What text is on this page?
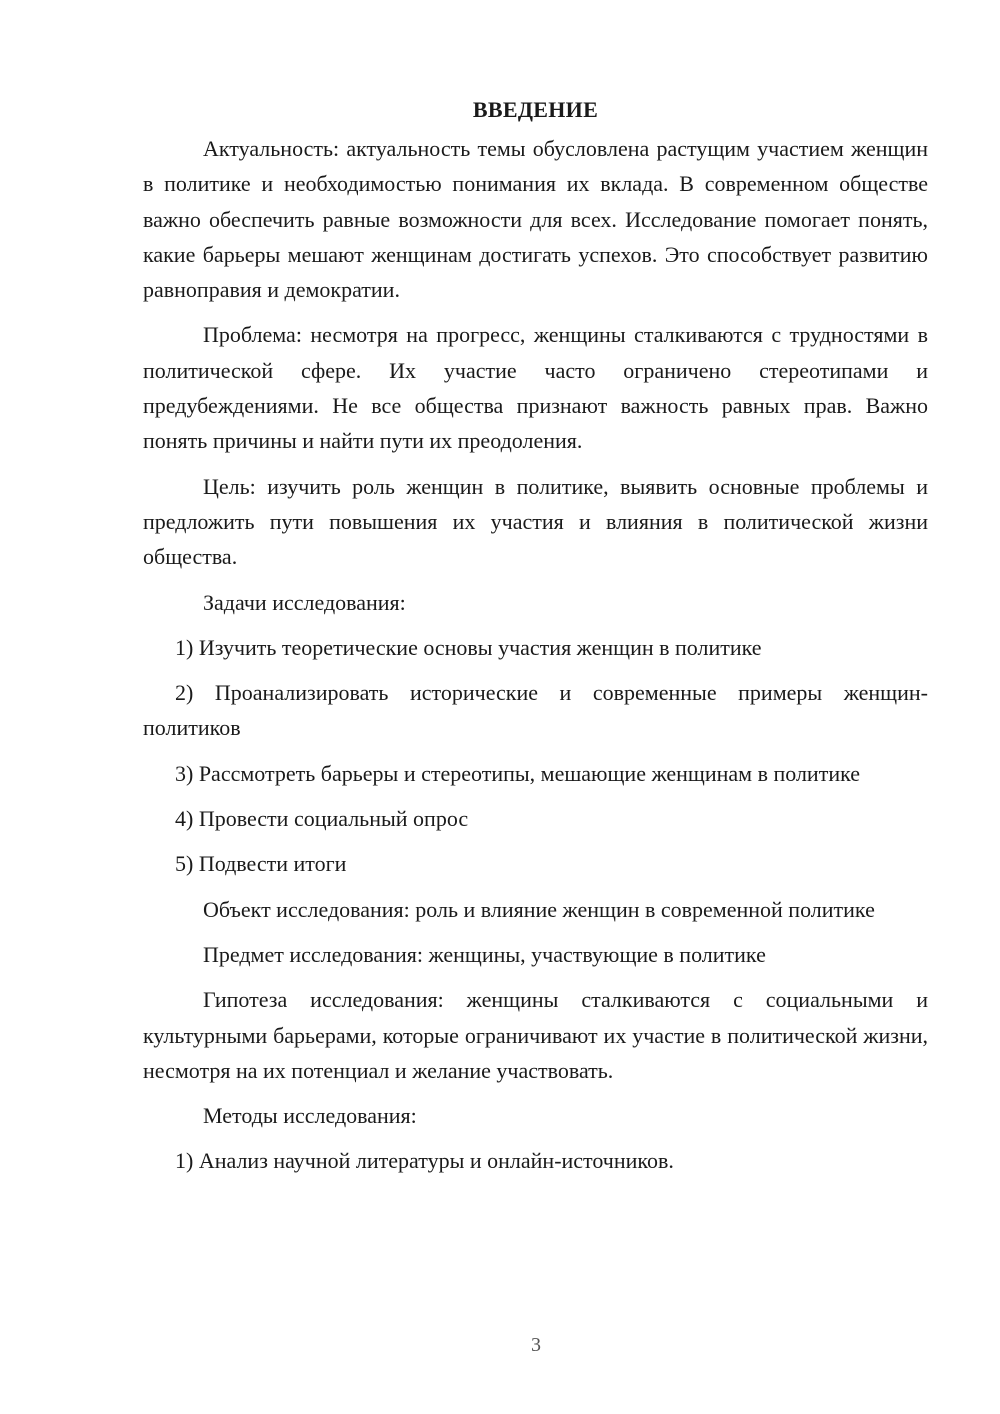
ВВЕДЕНИЕ

Актуальность: актуальность темы обусловлена растущим участием женщин в политике и необходимостью понимания их вклада. В современном обществе важно обеспечить равные возможности для всех. Исследование помогает понять, какие барьеры мешают женщинам достигать успехов. Это способствует развитию равноправия и демократии.

Проблема: несмотря на прогресс, женщины сталкиваются с трудностями в политической сфере. Их участие часто ограничено стереотипами и предубеждениями. Не все общества признают важность равных прав. Важно понять причины и найти пути их преодоления.

Цель: изучить роль женщин в политике, выявить основные проблемы и предложить пути повышения их участия и влияния в политической жизни общества.

Задачи исследования:

1) Изучить теоретические основы участия женщин в политике

2) Проанализировать исторические и современные примеры женщин-политиков

3) Рассмотреть барьеры и стереотипы, мешающие женщинам в политике

4) Провести социальный опрос

5) Подвести итоги

Объект исследования: роль и влияние женщин в современной политике

Предмет исследования: женщины, участвующие в политике

Гипотеза исследования: женщины сталкиваются с социальными и культурными барьерами, которые ограничивают их участие в политической жизни, несмотря на их потенциал и желание участвовать.

Методы исследования:

1) Анализ научной литературы и онлайн-источников.

3
